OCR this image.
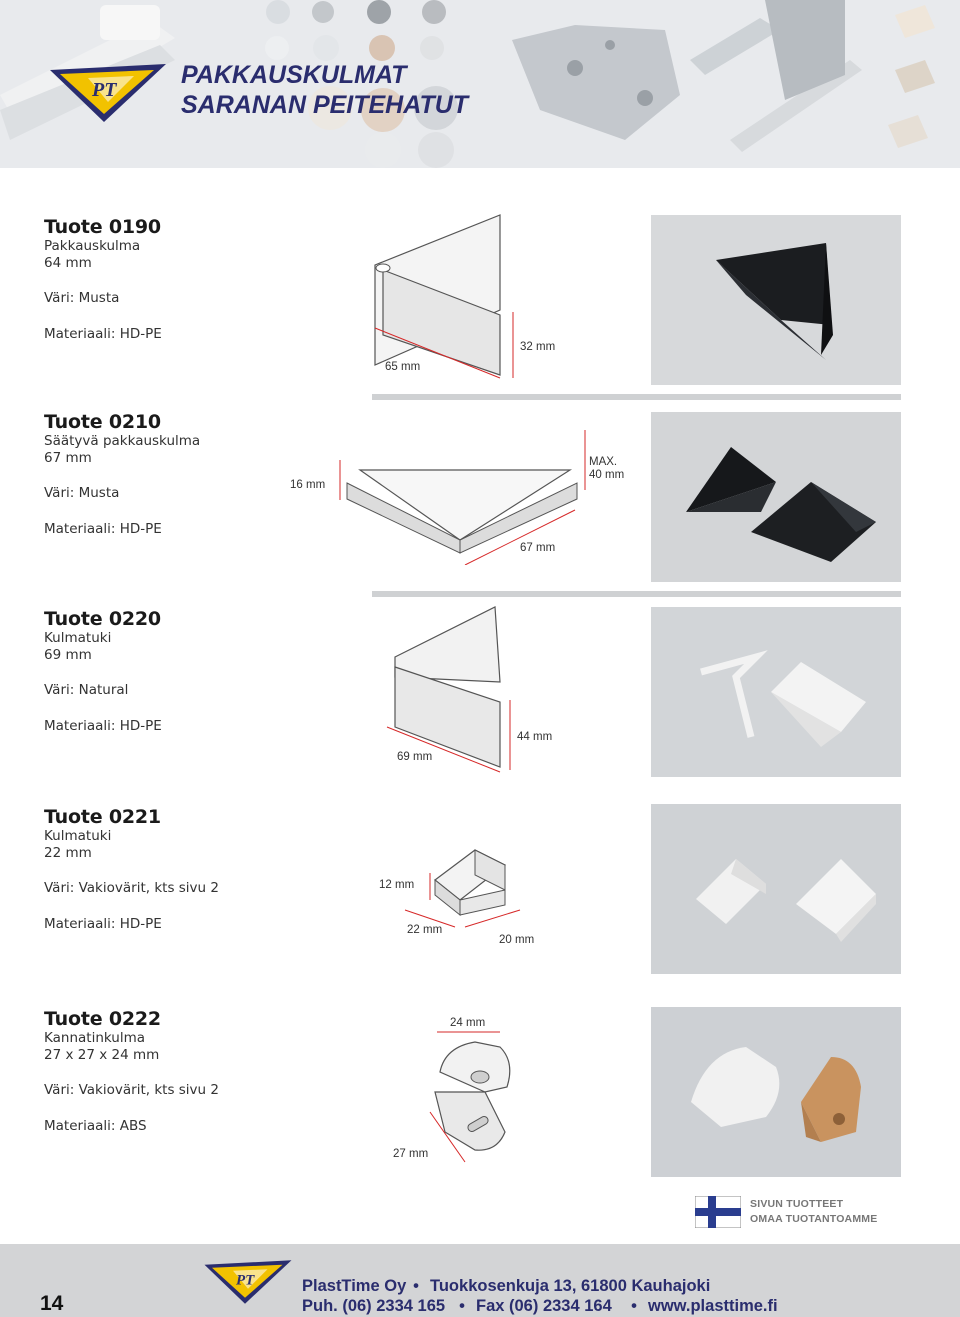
PT
PAKKAUSKULMAT
SARANAN PEITEHATUT
Tuote 0190
Pakkauskulma
64 mm
Väri: Musta
Materiaali: HD-PE
65 mm
32 mm
Tuote 0210
Säätyvä pakkauskulma
67 mm
Väri: Musta
Materiaali: HD-PE
16 mm
MAX.
40 mm
67 mm
Tuote 0220
Kulmatuki
69 mm
Väri: Natural
Materiaali: HD-PE
69 mm
44 mm
Tuote 0221
Kulmatuki
22 mm
Väri: Vakiovärit, kts sivu 2
Materiaali: HD-PE
12 mm
22 mm
20 mm
Tuote 0222
Kannatinkulma
27 x 27 x 24 mm
Väri: Vakiovärit, kts sivu 2
Materiaali: ABS
24 mm
27 mm
SIVUN TUOTTEET
OMAA TUOTANTOAMME
14
PT	PlastTime Oy • Tuokkosenkuja 13, 61800 Kauhajoki
Puh. (06) 2334 165 • Fax (06) 2334 164 • www.plasttime.fi
